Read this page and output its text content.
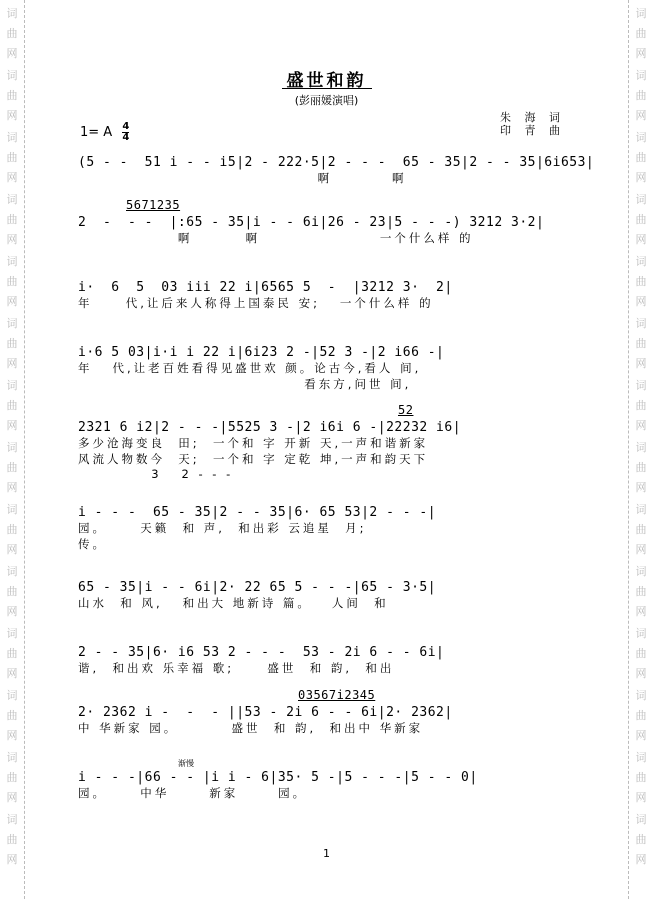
词
曲
网
词
曲
网
词
曲
网
词
曲
网
词
曲
网
词
曲
网
词
曲
网
词
曲
网
词
曲
网
词
曲
网
词
曲
网
词
曲
网
词
曲
网
词
曲
网
词
曲
网
词
曲
网
词
曲
网
词
曲
网
词
曲
网
词
曲
网
词
曲
网
词
曲
网
词
曲
网
词
曲
网
词
曲
网
词
曲
网
词
曲
网
词
曲
网
盛世和韵
(彭丽媛演唱)
朱 海 词
印 青 曲
1= A $\frac{4}{4}$
(5 - -  51 i - - i5|2 - 222·5|2 - - -  65 - 35|2 - - 35|6i653|
啊         啊
5671235
2  -  - -  |:65 - 35|i - - 6i|26 - 23|5 - - -) 3212 3·2|
啊        啊                  一个什么样 的
i·  6  5  03 iii 22 i|6565 5  -  |3212 3·  2|
年     代,让后来人称得上国泰民 安;   一个什么样 的
i·6 5 03|i·i i 22 i|6i23 2 -|52 3 -|2 i66 -|
年   代,让老百姓看得见盛世欢 颜。论古今,看人 间,
看东方,问世 间,
52
2321 6 i2|2 - - -|5525 3 -|2 i6i 6 -|22232 i6|
多少沧海变良  田;  一个和 字 开新 天,一声和谐新家
风流人物数今  天;  一个和 字 定乾 坤,一声和韵天下
3   2 - - -
i - - -  65 - 35|2 - - 35|6· 65 53|2 - - -|
园。     天籁  和 声,  和出彩 云追星  月;
传。
65 - 35|i - - 6i|2· 22 65 5 - - -|65 - 3·5|
山水  和 风,   和出大 地新诗 篇。   人间  和
2 - - 35|6· i6 53 2 - - -  53 - 2i 6 - - 6i|
谐,  和出欢 乐幸福 歌;     盛世  和 韵,  和出
03567i2345
2· 2362 i -  -  - ||53 - 2i 6 - - 6i|2· 2362|
中 华新家 园。        盛世  和 韵,  和出中 华新家
渐慢
i - - -|66 - - |i i - 6|35· 5 -|5 - - -|5 - - 0|
园。     中华      新家      园。
1
